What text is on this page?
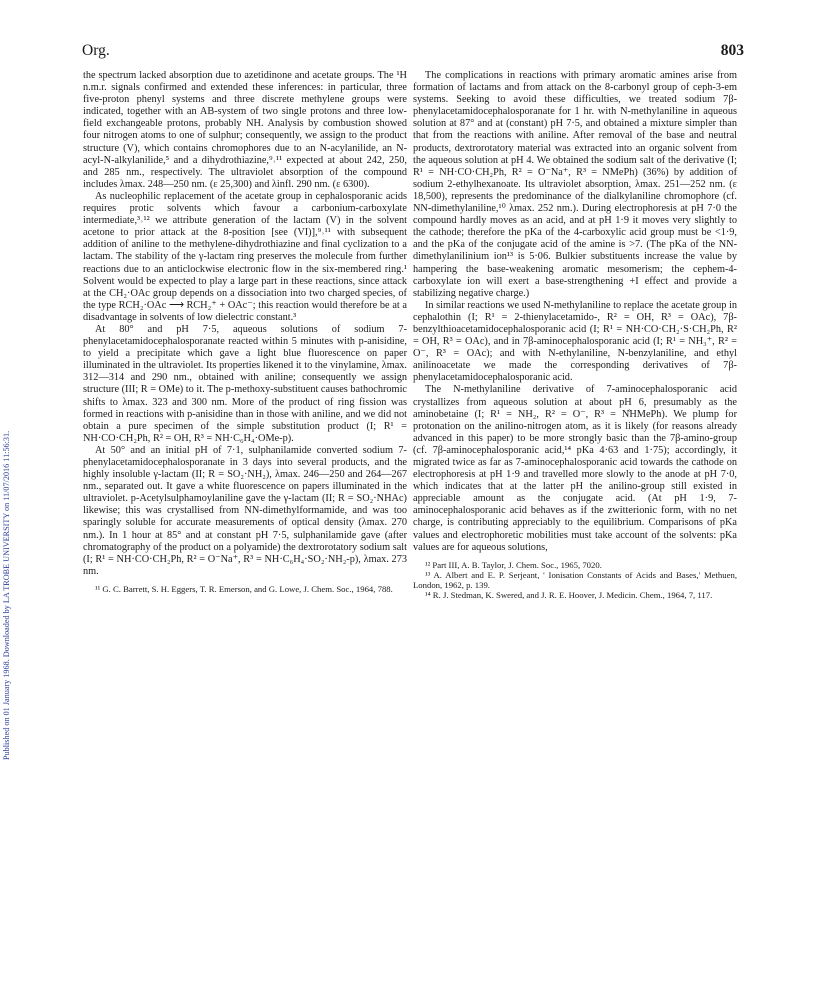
Published on 01 January 1968. Downloaded by LA TROBE UNIVERSITY on 11/07/2016 11:56:31.
Org.	803

the spectrum lacked absorption due to azetidinone and acetate groups. The ¹H n.m.r. signals confirmed and extended these inferences: in particular, three five-proton phenyl systems and three discrete methylene groups were indicated, together with an AB-system of two single protons and three low-field exchangeable protons, probably NH. Analysis by combustion showed four nitrogen atoms to one of sulphur; consequently, we assign to the product structure (V), which contains chromophores due to an N-acylanilide, an N-acyl-N-alkylanilide,⁵ and a dihydrothiazine,⁹˒¹¹ expected at about 242, 250, and 285 nm., respectively. The ultraviolet absorption of the compound includes λmax. 248—250 nm. (ε 25,300) and λinfl. 290 nm. (ε 6300).

As nucleophilic replacement of the acetate group in cephalosporanic acids requires protic solvents which favour a carbonium-carboxylate intermediate,³˒¹² we attribute generation of the lactam (V) in the solvent acetone to prior attack at the 8-position [see (VI)],⁹˒¹¹ with subsequent addition of aniline to the methylene-dihydrothiazine and final cyclization to a lactam. The stability of the γ-lactam ring preserves the molecule from further reactions due to an anticlockwise electronic flow in the six-membered ring.¹ Solvent would be expected to play a large part in these reactions, since attack at the CH₂·OAc group depends on a dissociation into two charged species, of the type RCH₂·OAc ⟶ RCH₂⁺ + OAc⁻; this reaction would therefore be at a disadvantage in solvents of low dielectric constant.³

At 80° and pH 7·5, aqueous solutions of sodium 7-phenylacetamidocephalosporanate reacted within 5 minutes with p-anisidine, to yield a precipitate which gave a light blue fluorescence on paper illuminated in the ultraviolet. Its properties likened it to the vinylamine, λmax. 312—314 and 290 nm., obtained with aniline; consequently we assign structure (III; R = OMe) to it. The p-methoxy-substituent causes bathochromic shifts to λmax. 323 and 300 nm. More of the product of ring fission was formed in reactions with p-anisidine than in those with aniline, and we did not obtain a pure specimen of the simple substitution product (I; R¹ = NH·CO·CH₂Ph, R² = OH, R³ = NH·C₆H₄·OMe-p).

At 50° and an initial pH of 7·1, sulphanilamide converted sodium 7-phenylacetamidocephalosporanate in 3 days into several products, and the highly insoluble γ-lactam (II; R = SO₂·NH₂), λmax. 246—250 and 264—267 nm., separated out. It gave a white fluorescence on papers illuminated in the ultraviolet. p-Acetylsulphamoylaniline gave the γ-lactam (II; R = SO₂·NHAc) likewise; this was crystallised from NN-dimethylformamide, and was too sparingly soluble for accurate measurements of optical density (λmax. 270 nm.). In 1 hour at 85° and at constant pH 7·5, sulphanilamide gave (after chromatography of the product on a polyamide) the dextrorotatory sodium salt (I; R¹ = NH·CO·CH₂Ph, R² = O⁻Na⁺, R³ = NH·C₆H₄·SO₂·NH₂-p), λmax. 273 nm.

¹¹ G. C. Barrett, S. H. Eggers, T. R. Emerson, and G. Lowe, J. Chem. Soc., 1964, 788.

The complications in reactions with primary aromatic amines arise from formation of lactams and from attack on the 8-carbonyl group of ceph-3-em systems. Seeking to avoid these difficulties, we treated sodium 7β-phenylacetamidocephalosporanate for 1 hr. with N-methylaniline in aqueous solution at 87° and at (constant) pH 7·5, and obtained a mixture simpler than that from the reactions with aniline. After removal of the base and neutral products, dextrorotatory material was extracted into an organic solvent from the aqueous solution at pH 4. We obtained the sodium salt of the derivative (I; R¹ = NH·CO·CH₂Ph, R² = O⁻Na⁺, R³ = NMePh) (36%) by addition of sodium 2-ethylhexanoate. Its ultraviolet absorption, λmax. 251—252 nm. (ε 18,500), represents the predominance of the dialkylaniline chromophore (cf. NN-dimethylaniline,¹⁰ λmax. 252 nm.). During electrophoresis at pH 7·0 the compound hardly moves as an acid, and at pH 1·9 it moves very slightly to the cathode; therefore the pKa of the 4-carboxylic acid group must be <1·9, and the pKa of the conjugate acid of the amine is >7. (The pKa of the NN-dimethylanilinium ion¹³ is 5·06. Bulkier substituents increase the value by hampering the base-weakening aromatic mesomerism; the cephem-4-carboxylate ion will exert a base-strengthening +I effect and provide a stabilizing negative charge.)

In similar reactions we used N-methylaniline to replace the acetate group in cephalothin (I; R¹ = 2-thienylacetamido-, R² = OH, R³ = OAc), 7β-benzylthioacetamidocephalosporanic acid (I; R¹ = NH·CO·CH₂·S·CH₂Ph, R² = OH, R³ = OAc), and in 7β-aminocephalosporanic acid (I; R¹ = NH₃⁺, R² = O⁻, R³ = OAc); and with N-ethylaniline, N-benzylaniline, and ethyl anilinoacetate we made the corresponding derivatives of 7β-phenylacetamidocephalosporanic acid.

The N-methylaniline derivative of 7-aminocephalosporanic acid crystallizes from aqueous solution at about pH 6, presumably as the aminobetaine (I; R¹ = NH₂, R² = O⁻, R³ = N̊HMePh). We plump for protonation on the anilino-nitrogen atom, as it is likely (for reasons already advanced in this paper) to be more strongly basic than the 7β-amino-group (cf. 7β-aminocephalosporanic acid,¹⁴ pKa 4·63 and 1·75); accordingly, it migrated twice as far as 7-aminocephalosporanic acid towards the cathode on electrophoresis at pH 1·9 and travelled more slowly to the anode at pH 7·0, which indicates that at the latter pH the anilino-group still existed in appreciable amount as the conjugate acid. (At pH 1·9, 7-aminocephalosporanic acid behaves as if the zwitterionic form, with no net charge, is contributing appreciably to the equilibrium. Comparisons of pKa values and electrophoretic mobilities must take account of the solvents: pKa values are for aqueous solutions,

¹² Part III, A. B. Taylor, J. Chem. Soc., 1965, 7020.
¹³ A. Albert and E. P. Serjeant, ' Ionisation Constants of Acids and Bases,' Methuen, London, 1962, p. 139.
¹⁴ R. J. Stedman, K. Swered, and J. R. E. Hoover, J. Medicin. Chem., 1964, 7, 117.
